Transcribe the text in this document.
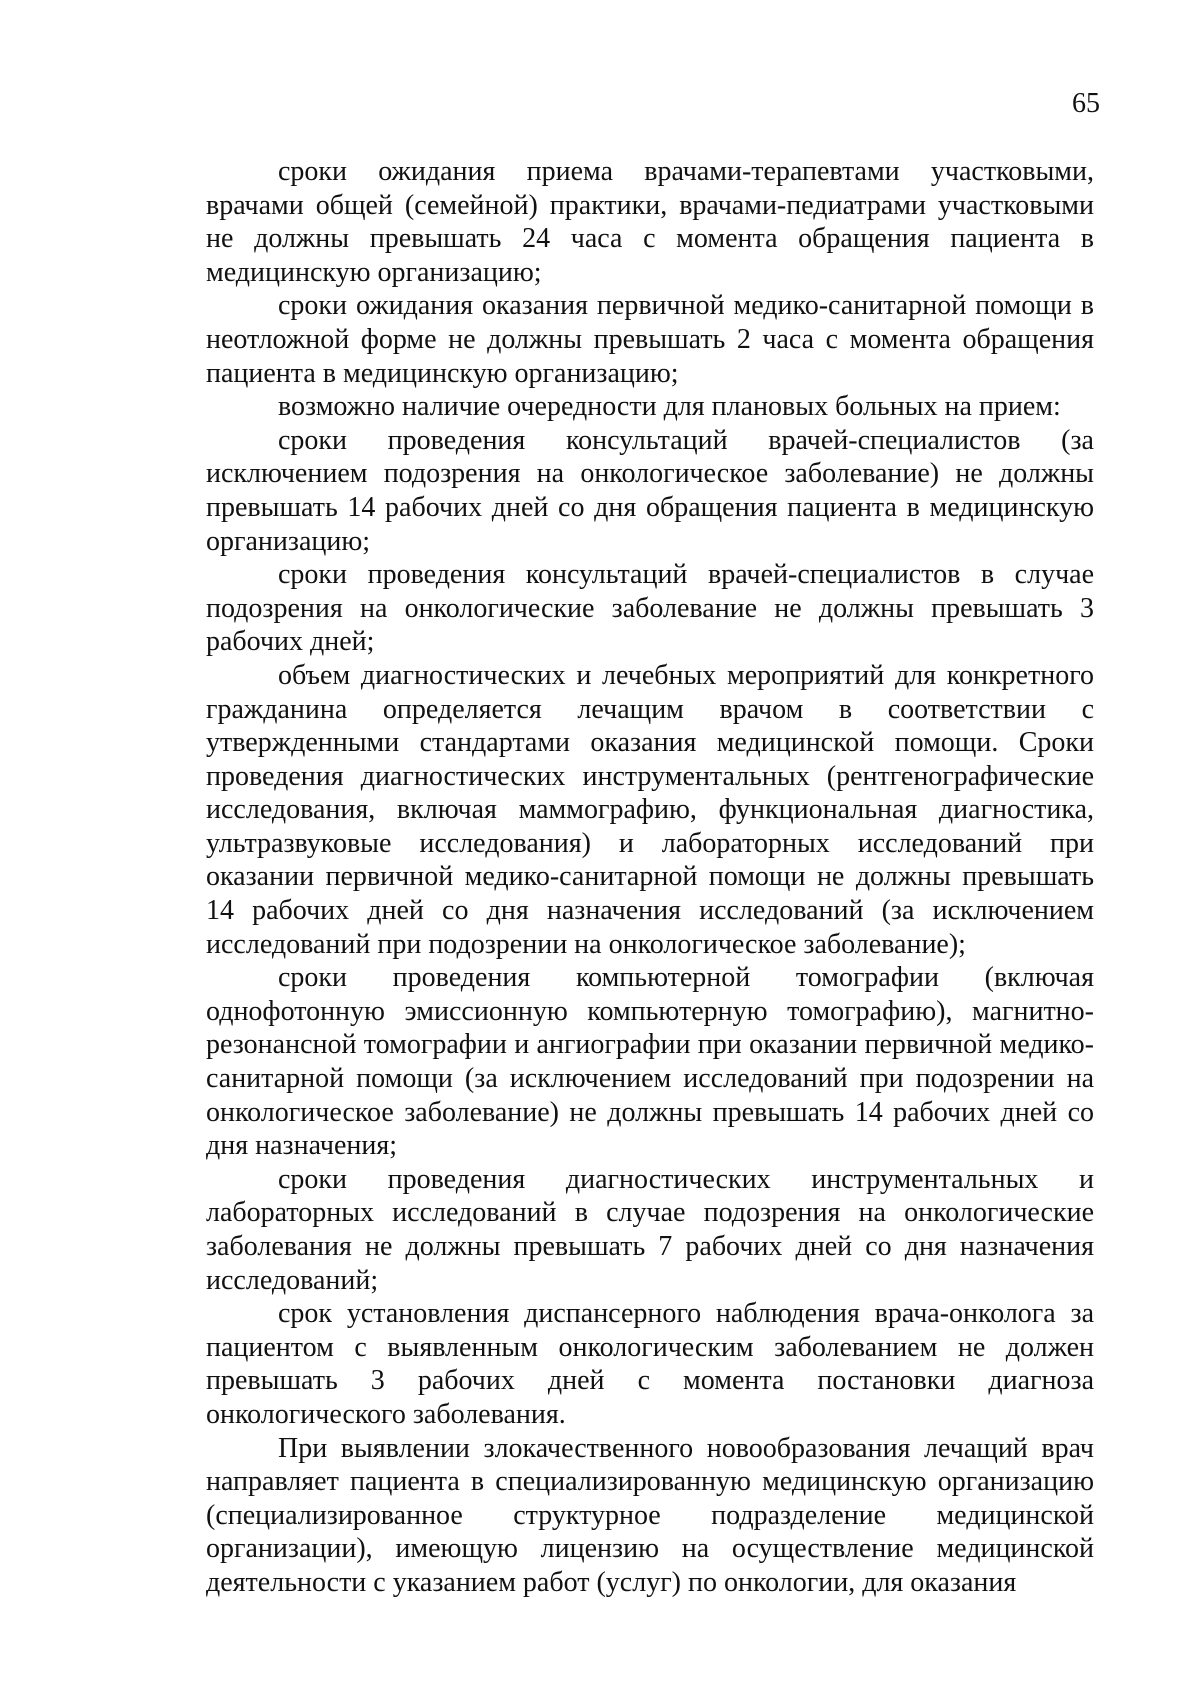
65

сроки ожидания приема врачами-терапевтами участковыми, врачами общей (семейной) практики, врачами-педиатрами участковыми не должны превышать 24 часа с момента обращения пациента в медицинскую организацию;

сроки ожидания оказания первичной медико-санитарной помощи в неотложной форме не должны превышать 2 часа с момента обращения пациента в медицинскую организацию;

возможно наличие очередности для плановых больных на прием:

сроки проведения консультаций врачей-специалистов (за исключением подозрения на онкологическое заболевание) не должны превышать 14 рабочих дней со дня обращения пациента в медицинскую организацию;

сроки проведения консультаций врачей-специалистов в случае подозрения на онкологические заболевание не должны превышать 3 рабочих дней;

объем диагностических и лечебных мероприятий для конкретного гражданина определяется лечащим врачом в соответствии с утвержденными стандартами оказания медицинской помощи. Сроки проведения диагностических инструментальных (рентгенографические исследования, включая маммографию, функциональная диагностика, ультразвуковые исследования) и лабораторных исследований при оказании первичной медико-санитарной помощи не должны превышать 14 рабочих дней со дня назначения исследований (за исключением исследований при подозрении на онкологическое заболевание);

сроки проведения компьютерной томографии (включая однофотонную эмиссионную компьютерную томографию), магнитно-резонансной томографии и ангиографии при оказании первичной медико-санитарной помощи (за исключением исследований при подозрении на онкологическое заболевание) не должны превышать 14 рабочих дней со дня назначения;

сроки проведения диагностических инструментальных и лабораторных исследований в случае подозрения на онкологические заболевания не должны превышать 7 рабочих дней со дня назначения исследований;

срок установления диспансерного наблюдения врача-онколога за пациентом с выявленным онкологическим заболеванием не должен превышать 3 рабочих дней с момента постановки диагноза онкологического заболевания.

При выявлении злокачественного новообразования лечащий врач направляет пациента в специализированную медицинскую организацию (специализированное структурное подразделение медицинской организации), имеющую лицензию на осуществление медицинской деятельности с указанием работ (услуг) по онкологии, для оказания
